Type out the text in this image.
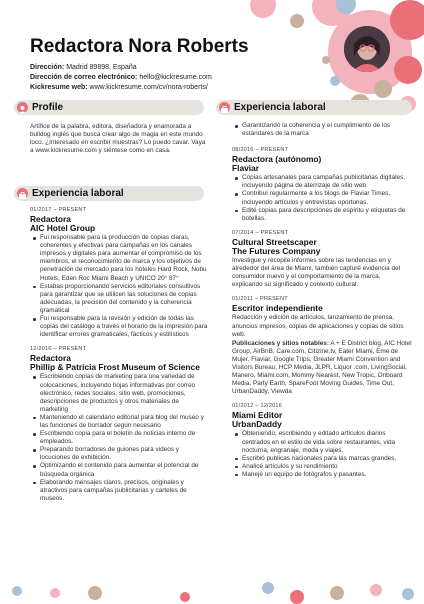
Redactora Nora Roberts
Dirección: Madrid 89898, España
Dirección de correo electrónico: hello@kickresume.com
Kickresume web: www.kickresume.com/cv/nora-roberts/
Profile	Experiencia laboral
Artífice de la palabra, editora, diseñadora y enamorada a bulldog inglés que busca crear algo de magia en este mundo loco. ¿Interesado en escribir muestras? Lo puedo cavar. Vaya a www.kickresume.com y siéntese como en casa.
Experiencia laboral
01/2017 – PRESENT
Redactora
AIC Hotel Group
Fui responsable para la producción de copias claras, coherentes y efectivas para campañas en los canales impresos y digitales para aumentar el compromiso de los miembros, el reconocimiento de marca y los objetivos de penetración de mercado para los hoteles Hard Rock, Nobu Hotels, Eden Roc Miami Beach y UNICO 20° 87°
Estabas proporcionando servicios editoriales consultivos para garantizar que se utilicen las soluciones de copias adecuadas, la precisión del contenido y la coherencia gramatical
Fui responsable para la revisión y edición de todas las copias del catálogo a través el horario de la impresión para identificar errores gramaticales, fácticos y estilísticos
12/2016 – PRESENT
Redactora
Phillip & Patricia Frost Museum of Science
Escribiendo copias de marketing para una variedad de colocaciones, incluyendo hojas informativas por correo electrónico, redes sociales, sitio web, promociones, descripciones de productos y otros materiales de marketing
Manteniendo el calendario editorial para blog del museo y las funciones de borrador según necesario
Escribiendo copia para el boletín de noticias interno de empleados.
Preparando borradores de guiones para videos y locuciones de exhibición.
Optimizando el contenido para aumentar el potencial de búsqueda orgánica
Elaborando mensajes claros, precisos, originales y atractivos para campañas publicitarias y carteles de museos.
Garantizando la coherencia y el cumplimiento de los estándares de la marca
08/2016 – PRESENT
Redactora (autónomo)
Flaviar
Copias artesanales para campañas publicitarias digitales, incluyendo página de aterrizaje de sitio web.
Contribuí regularmente a los blogs de Flaviar Times, incluyendo artículos y entrevistas oportunas.
Edité copias para descripciones de espíritu y etiquetas de botellas.
07/2014 – PRESENT
Cultural Streetscaper
The Futures Company
Investigue y recopile informes sobre las tendencias en y alrededor del área de Miami, también capturé evidencia del consumidor nuevo y el comportamiento de la marca, explicando su significado y contexto cultural.
01/2011 – PRESENT
Escritor independiente
Redacción y edición de artículos, lanzamiento de prensa, anuncios impresos, copias de aplicaciones y copias de sitios web.
Publicaciones y sitios notables: A + E District blog, AIC Hotel Group, AirBnB, Care.com, Citizine.tv, Eater Miami, Eme de Mujer, Flaviar, Google Trips, Greater Miami Convention and Visitors Bureau, HCP Media, JLPR, Liquor .com, LivingSocial, Manero, Miami.com, Mommy Nearest, New Tropic, Onboard Media, Party Earth, SpareFoot Moving Guides, Time Out, UrbanDaddy, Viewda
01/2012 – 12/2016
Miami Editor
UrbanDaddy
Obteniendo, escribiendo y editado artículos diarios centrados en el estilo de vida sobre restaurantes, vida nocturna, engranaje, moda y viajes.
Escribió publicas nacionales para las marcas grandes.
Analicé artículos y su rendimiento
Manejé un equipo de fotógrafos y pasantes.
